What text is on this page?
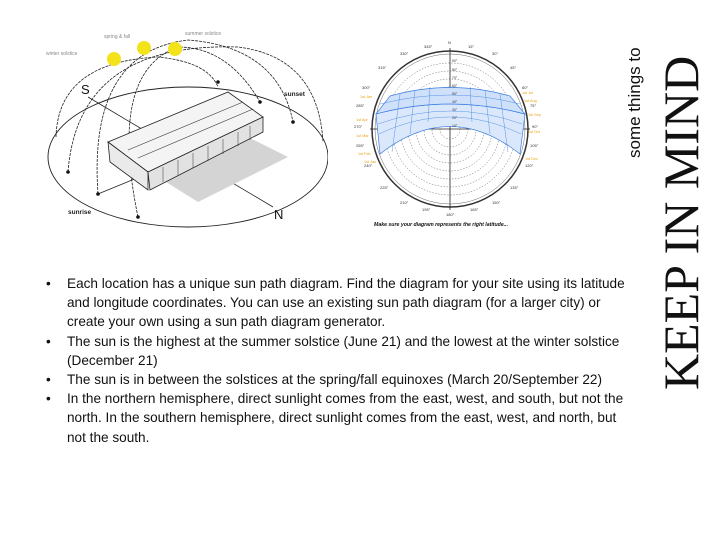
winter solstice
spring & fall	summer solstice
S
N
sunset
sunrise
N
345°	15°
30°
45°
60°
75°
90°
105°
120°
135°
150°
165°
180°
195°
210°
225°
240°
255°
270°
285°
300°
315°
330°
90°
80°
70°
60°
50°
40°
30°
20°
10°
1st Jan
1st Apr
1st Mar
1st Feb
1st Jan
1st Jul
1st Aug
1st Sep
1st Oct
1st Dec
Make sure your diagram represents the right latitude...
some things to KEEP IN MIND
• Each location has a unique sun path diagram. Find the diagram for your site using its latitude and longitude coordinates. You can use an existing sun path diagram (for a larger city) or create your own using a sun path diagram generator.
• The sun is the highest at the summer solstice (June 21) and the lowest at the winter solstice (December 21)
• The sun is in between the solstices at the spring/fall equinoxes (March 20/September 22)
• In the northern hemisphere, direct sunlight comes from the east, west, and south, but not the north. In the southern hemisphere, direct sunlight comes from the east, west, and north, but not the south.
